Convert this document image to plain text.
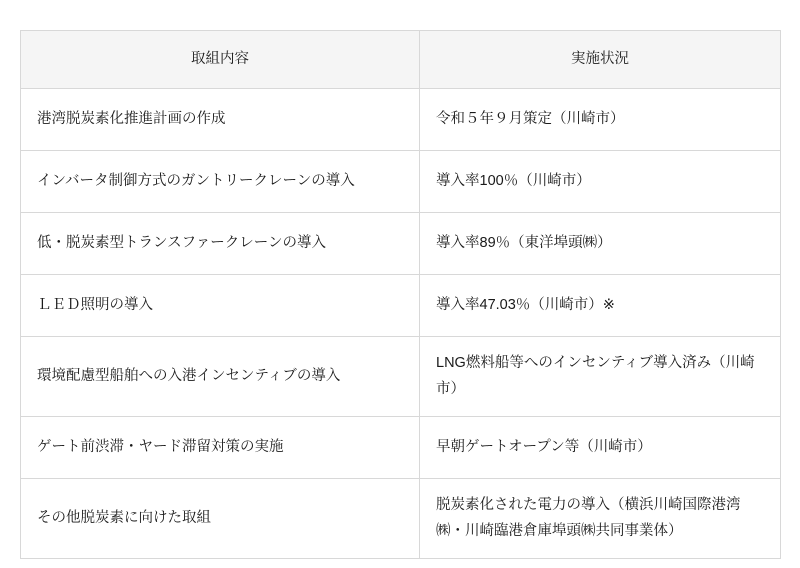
取組内容	実施状況

港湾脱炭素化推進計画の作成	令和５年９月策定（川崎市）

インバータ制御方式のガントリークレーンの導入	導入率100％（川崎市）

低・脱炭素型トランスファークレーンの導入	導入率89％（東洋埠頭㈱）

ＬＥＤ照明の導入	導入率47.03％（川崎市）※

環境配慮型船舶への入港インセンティブの導入	LNG燃料船等へのインセンティブ導入済み（川崎市）

ゲート前渋滞・ヤード滞留対策の実施	早朝ゲートオープン等（川崎市）

その他脱炭素に向けた取組	脱炭素化された電力の導入（横浜川崎国際港湾㈱・川崎臨港倉庫埠頭㈱共同事業体）
